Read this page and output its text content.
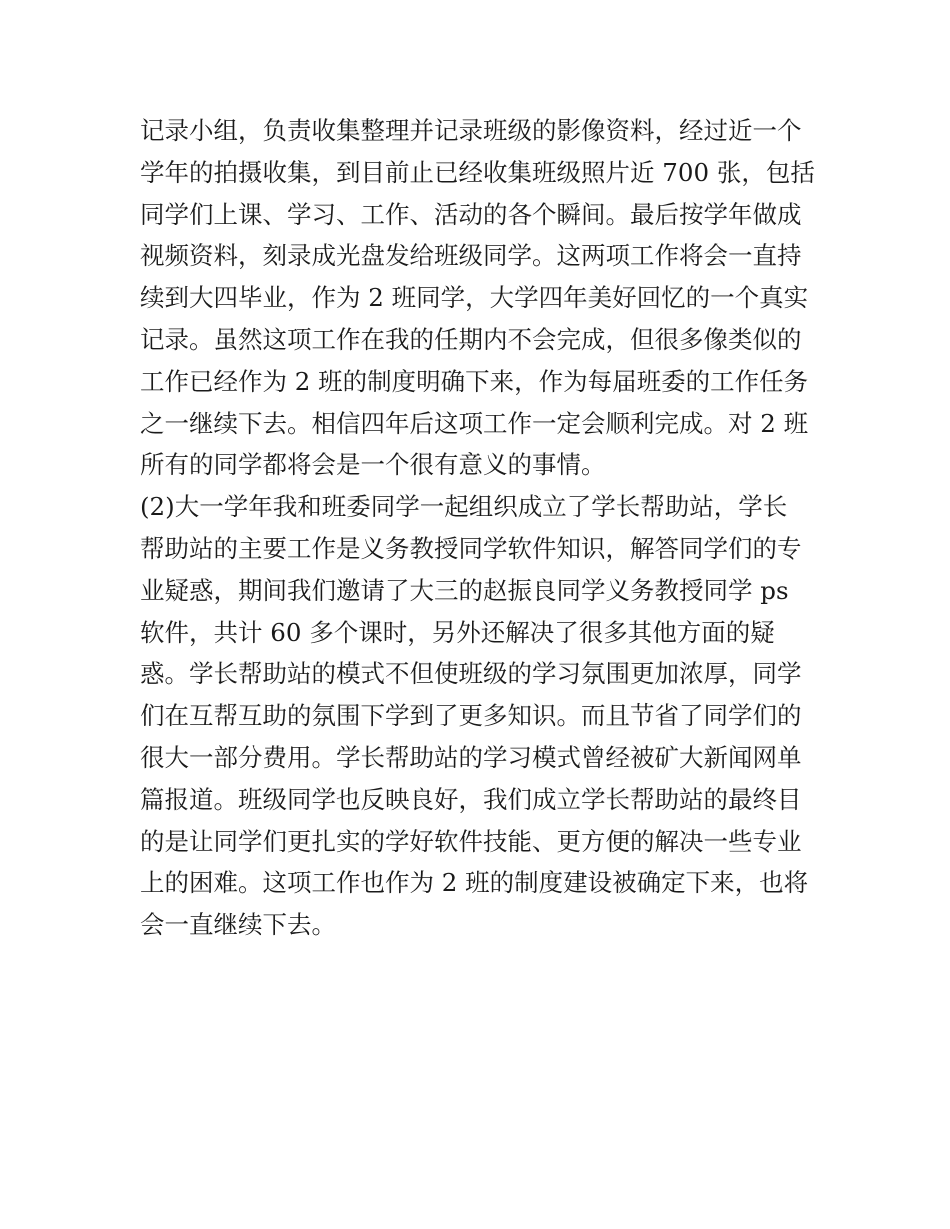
记录小组，负责收集整理并记录班级的影像资料，经过近一个

学年的拍摄收集，到目前止已经收集班级照片近 700 张，包括

同学们上课、学习、工作、活动的各个瞬间。最后按学年做成

视频资料，刻录成光盘发给班级同学。这两项工作将会一直持

续到大四毕业，作为 2 班同学，大学四年美好回忆的一个真实

记录。虽然这项工作在我的任期内不会完成，但很多像类似的

工作已经作为 2 班的制度明确下来，作为每届班委的工作任务

之一继续下去。相信四年后这项工作一定会顺利完成。对 2 班

所有的同学都将会是一个很有意义的事情。

(2)大一学年我和班委同学一起组织成立了学长帮助站，学长

帮助站的主要工作是义务教授同学软件知识，解答同学们的专

业疑惑，期间我们邀请了大三的赵振良同学义务教授同学 ps

软件，共计 60 多个课时，另外还解决了很多其他方面的疑

惑。学长帮助站的模式不但使班级的学习氛围更加浓厚，同学

们在互帮互助的氛围下学到了更多知识。而且节省了同学们的

很大一部分费用。学长帮助站的学习模式曾经被矿大新闻网单

篇报道。班级同学也反映良好，我们成立学长帮助站的最终目

的是让同学们更扎实的学好软件技能、更方便的解决一些专业

上的困难。这项工作也作为 2 班的制度建设被确定下来，也将

会一直继续下去。
